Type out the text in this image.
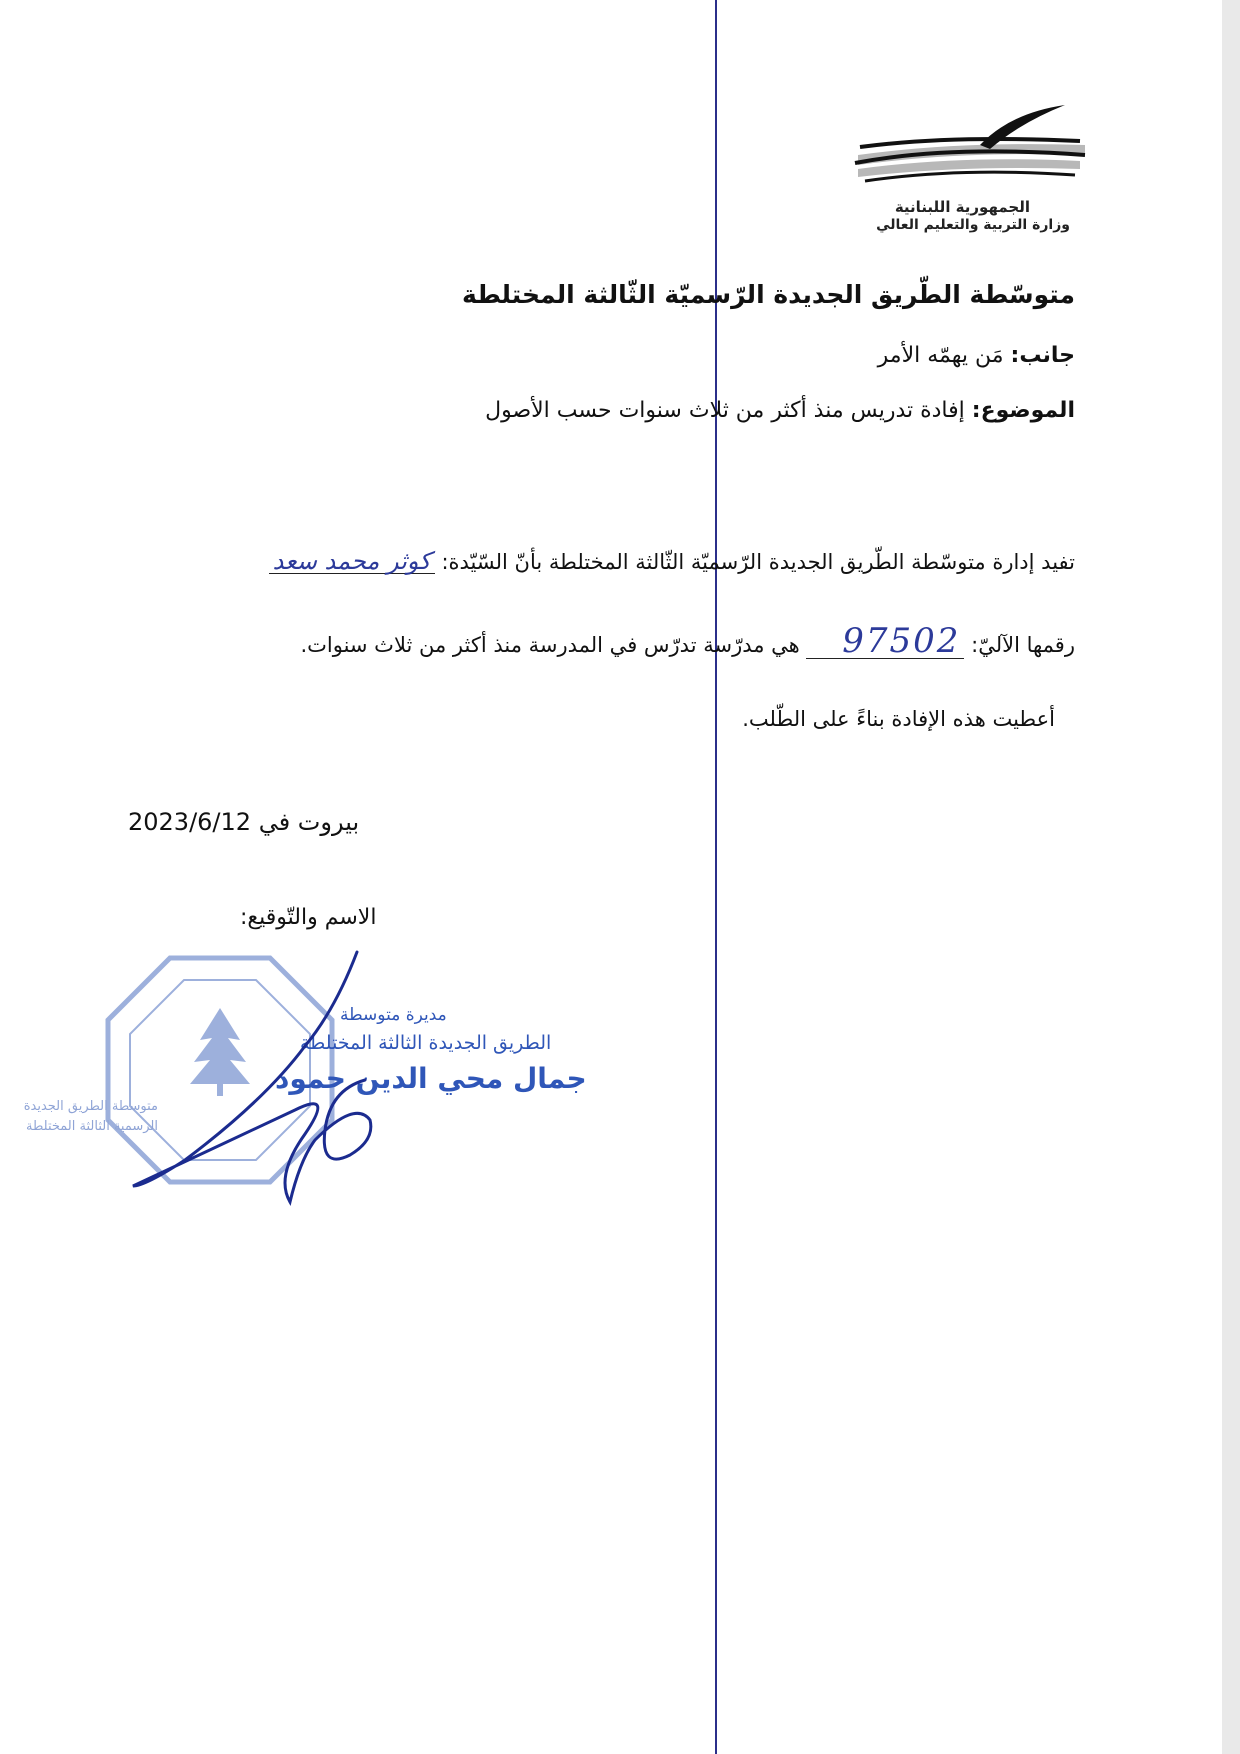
الجمهورية اللبنانية
وزارة التربية والتعليم العالي
متوسّطة الطّريق الجديدة الرّسميّة الثّالثة المختلطة
جانب: مَن يهمّه الأمر
الموضوع: إفادة تدريس منذ أكثر من ثلاث سنوات حسب الأصول
تفيد إدارة متوسّطة الطّريق الجديدة الرّسميّة الثّالثة المختلطة بأنّ السّيّدة: كوثر محمد سعد
رقمها الآليّ: 97502 هي مدرّسة تدرّس في المدرسة منذ أكثر من ثلاث سنوات.
أعطيت هذه الإفادة بناءً على الطّلب.
بيروت في 2023/6/12
الاسم والتّوقيع:
متوسطة الطريق الجديدة
الرسمية الثالثة المختلطة
مديرة متوسطة
الطريق الجديدة الثالثة المختلطة
جمال محي الدين حمود
